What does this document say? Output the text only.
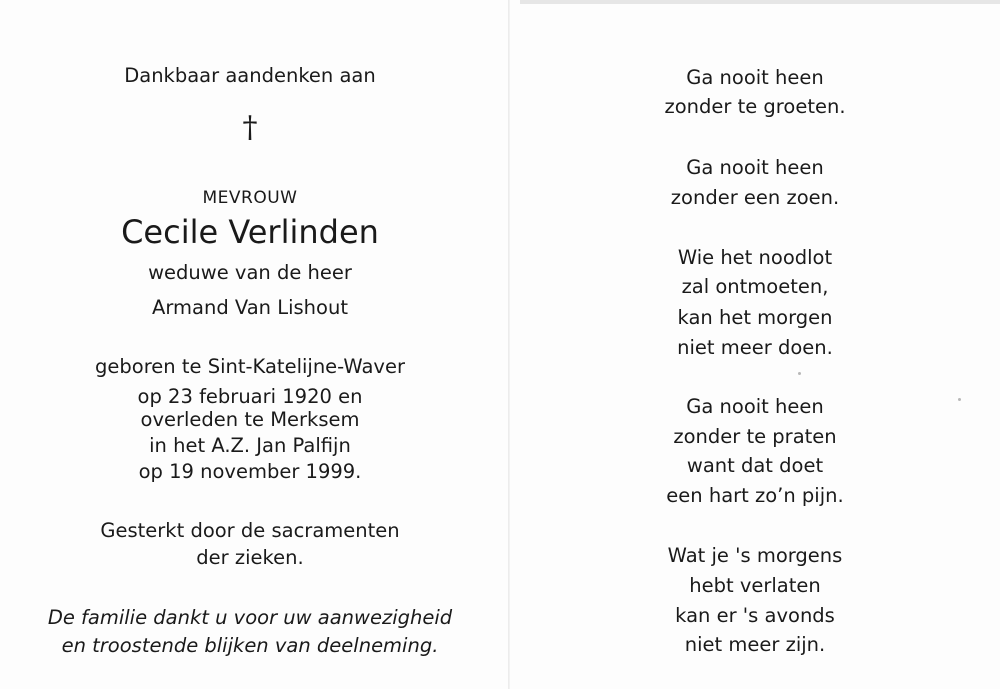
Dankbaar aandenken aan
†
MEVROUW
Cecile Verlinden
weduwe van de heer
Armand Van Lishout
geboren te Sint-Katelijne-Waver
op 23 februari 1920 en
overleden te Merksem
in het A.Z. Jan Palfijn
op 19 november 1999.
Gesterkt door de sacramenten
der zieken.
De familie dankt u voor uw aanwezigheid
en troostende blijken van deelneming.
Ga nooit heen
zonder te groeten.
Ga nooit heen
zonder een zoen.
Wie het noodlot
zal ontmoeten,
kan het morgen
niet meer doen.
Ga nooit heen
zonder te praten
want dat doet
een hart zo’n pijn.
Wat je 's morgens
hebt verlaten
kan er 's avonds
niet meer zijn.
